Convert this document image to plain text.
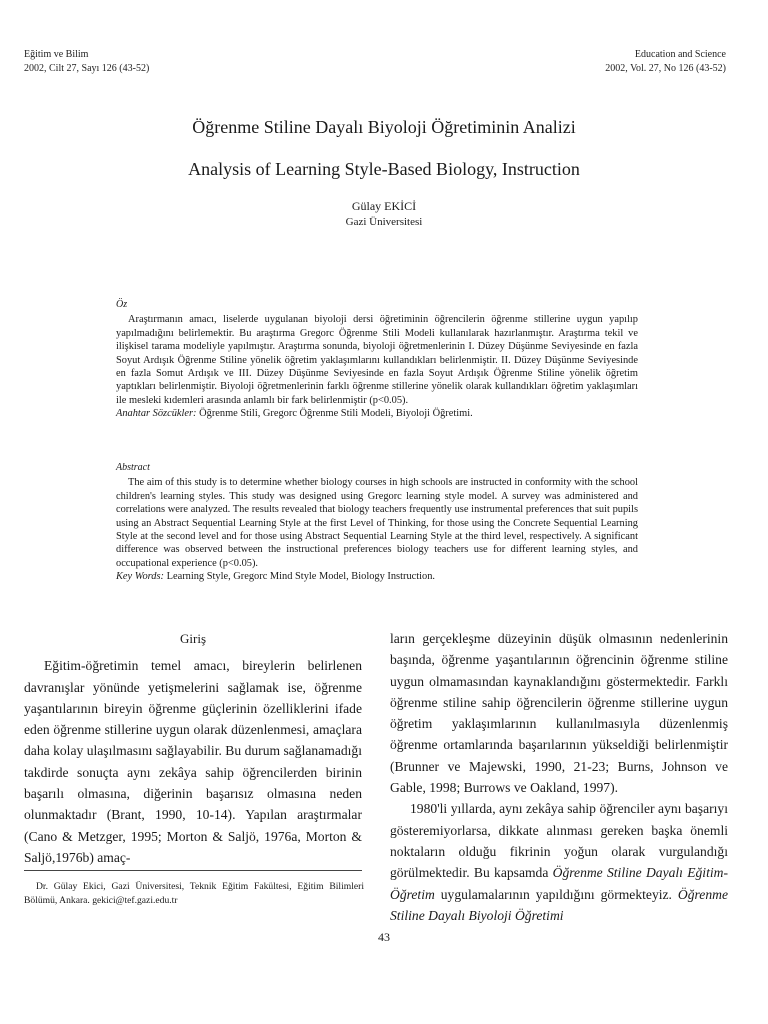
Eğitim ve Bilim
2002, Cilt 27, Sayı 126 (43-52)
Education and Science
2002, Vol. 27, No 126 (43-52)
Öğrenme Stiline Dayalı Biyoloji Öğretiminin Analizi
Analysis of Learning Style-Based Biology, Instruction
Gülay EKİCİ
Gazi Üniversitesi
Öz

Araştırmanın amacı, liselerde uygulanan biyoloji dersi öğretiminin öğrencilerin öğrenme stillerine uygun yapılıp yapılmadığını belirlemektir. Bu araştırma Gregorc Öğrenme Stili Modeli kullanılarak hazırlanmıştır. Araştırma tekil ve ilişkisel tarama modeliyle yapılmıştır. Araştırma sonunda, biyoloji öğretmenlerinin I. Düzey Düşünme Seviyesinde en fazla Soyut Ardışık Öğrenme Stiline yönelik öğretim yaklaşımlarını kullandıkları belirlenmiştir. II. Düzey Düşünme Seviyesinde en fazla Somut Ardışık ve III. Düzey Düşünme Seviyesinde en fazla Soyut Ardışık Öğrenme Stiline yönelik öğretim yaptıkları belirlenmiştir. Biyoloji öğretmenlerinin farklı öğrenme stillerine yönelik olarak kullandıkları öğretim yaklaşımları ile mesleki kıdemleri arasında anlamlı bir fark belirlenmiştir (p<0.05).

Anahtar Sözcükler: Öğrenme Stili, Gregorc Öğrenme Stili Modeli, Biyoloji Öğretimi.
Abstract

The aim of this study is to determine whether biology courses in high schools are instructed in conformity with the school children's learning styles. This study was designed using Gregorc learning style model. A survey was administered and correlations were analyzed. The results revealed that biology teachers frequently use instrumental preferences that suit pupils using an Abstract Sequential Learning Style at the first Level of Thinking, for those using the Concrete Sequential Learning Style at the second level and for those using Abstract Sequential Learning Style at the third level, respectively. A significant difference was observed between the instructional preferences biology teachers use for different learning styles, and occupational experience (p<0.05).

Key Words: Learning Style, Gregorc Mind Style Model, Biology Instruction.
Giriş

Eğitim-öğretimin temel amacı, bireylerin belirlenen davranışlar yönünde yetişmelerini sağlamak ise, öğrenme yaşantılarının bireyin öğrenme güçlerinin özelliklerini ifade eden öğrenme stillerine uygun olarak düzenlenmesi, amaçlara daha kolay ulaşılmasını sağlayabilir. Bu durum sağlanamadığı takdirde sonuçta aynı zekâya sahip öğrencilerden birinin başarılı olmasına, diğerinin başarısız olmasına neden olunmaktadır (Brant, 1990, 10-14). Yapılan araştırmalar (Cano & Metzger, 1995; Morton & Saljö, 1976a, Morton & Saljö,1976b) amaç-

ların gerçekleşme düzeyinin düşük olmasının nedenlerinin başında, öğrenme yaşantılarının öğrencinin öğrenme stiline uygun olmamasından kaynaklandığını göstermektedir. Farklı öğrenme stiline sahip öğrencilerin öğrenme stillerine uygun öğretim yaklaşımlarının kullanılmasıyla düzenlenmiş öğrenme ortamlarında başarılarının yükseldiği belirlenmiştir (Brunner ve Majewski, 1990, 21-23; Burns, Johnson ve Gable, 1998; Burrows ve Oakland, 1997).

1980'li yıllarda, aynı zekâya sahip öğrenciler aynı başarıyı gösteremiyorlarsa, dikkate alınması gereken başka önemli noktaların olduğu fikrinin yoğun olarak vurgulandığı görülmektedir. Bu kapsamda Öğrenme Stiline Dayalı Eğitim-Öğretim uygulamalarının yapıldığını görmekteyiz. Öğrenme Stiline Dayalı Biyoloji Öğretimi

Dr. Gülay Ekici, Gazi Üniversitesi, Teknik Eğitim Fakültesi, Eğitim Bilimleri Bölümü, Ankara. gekici@tef.gazi.edu.tr
43
